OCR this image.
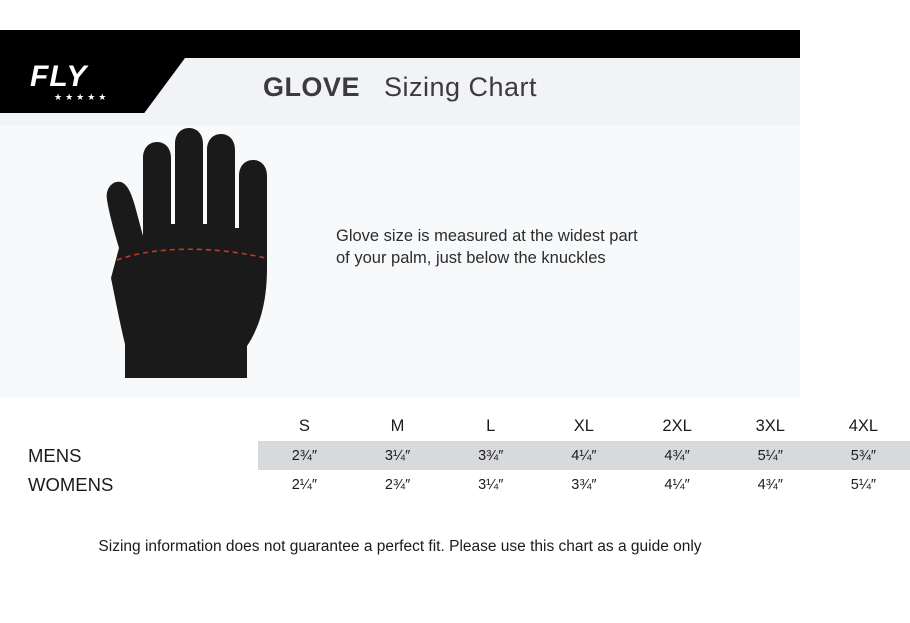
FLY
★★★★★	GLOVE Sizing Chart
Glove size is measured at the widest part
of your palm, just below the knuckles
	S	M	L	XL	2XL	3XL	4XL
MENS	2¾″	3¼″	3¾″	4¼″	4¾″	5¼″	5¾″
WOMENS	2¼″	2¾″	3¼″	3¾″	4¼″	4¾″	5¼″
Sizing information does not guarantee a perfect fit. Please use this chart as a guide only
